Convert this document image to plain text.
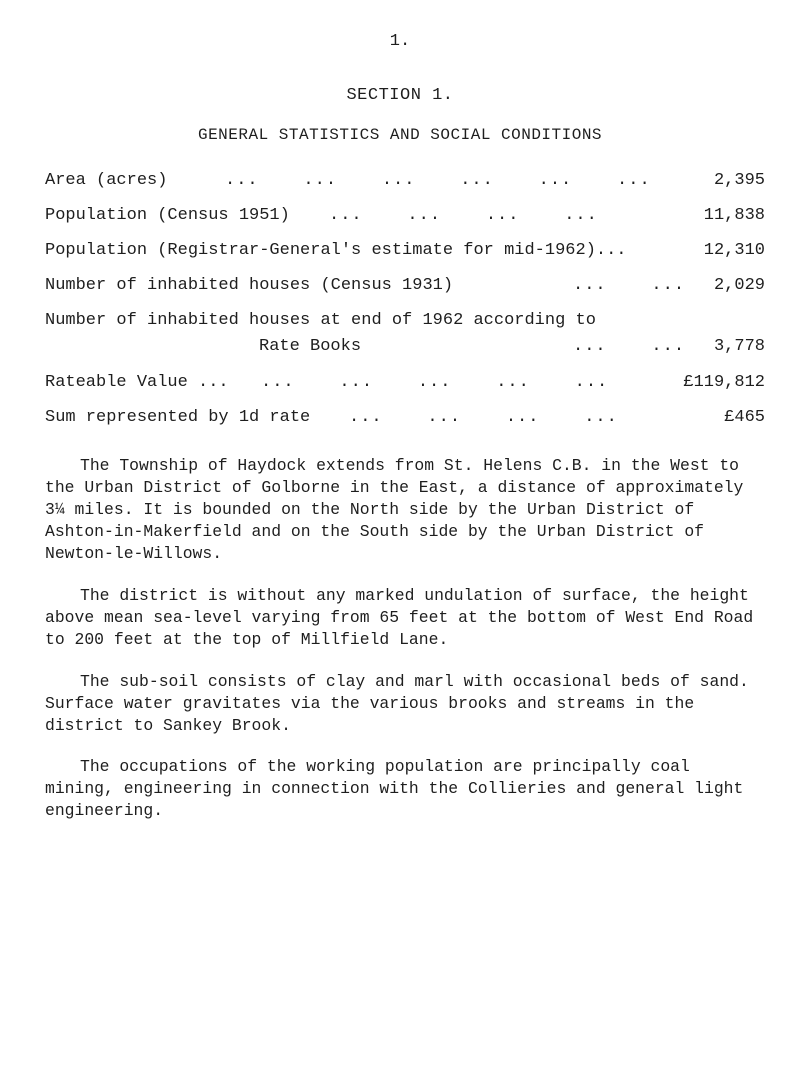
1.
SECTION 1.
GENERAL STATISTICS AND SOCIAL CONDITIONS
Area (acres)	...    ...    ...    ...    ...    ...	2,395
Population (Census 1951) ...    ...    ...    ...	11,838
Population (Registrar-General's estimate for mid-1962)...	12,310
Number of inhabited houses (Census 1931)	...    ... 2,029
Number of inhabited houses at end of 1962 according to
Rate Books	...    ... 3,778
Rateable Value ... ...    ...    ...    ...    ...	£119,812
Sum represented by 1d rate ...    ...    ...    ...	£465

The Township of Haydock extends from St. Helens C.B. in the West to the Urban District of Golborne in the East, a distance of approximately 3¼ miles. It is bounded on the North side by the Urban District of Ashton-in-Makerfield and on the South side by the Urban District of Newton-le-Willows.

The district is without any marked undulation of surface, the height above mean sea-level varying from 65 feet at the bottom of West End Road to 200 feet at the top of Millfield Lane.

The sub-soil consists of clay and marl with occasional beds of sand. Surface water gravitates via the various brooks and streams in the district to Sankey Brook.

The occupations of the working population are principally coal mining, engineering in connection with the Collieries and general light engineering.
